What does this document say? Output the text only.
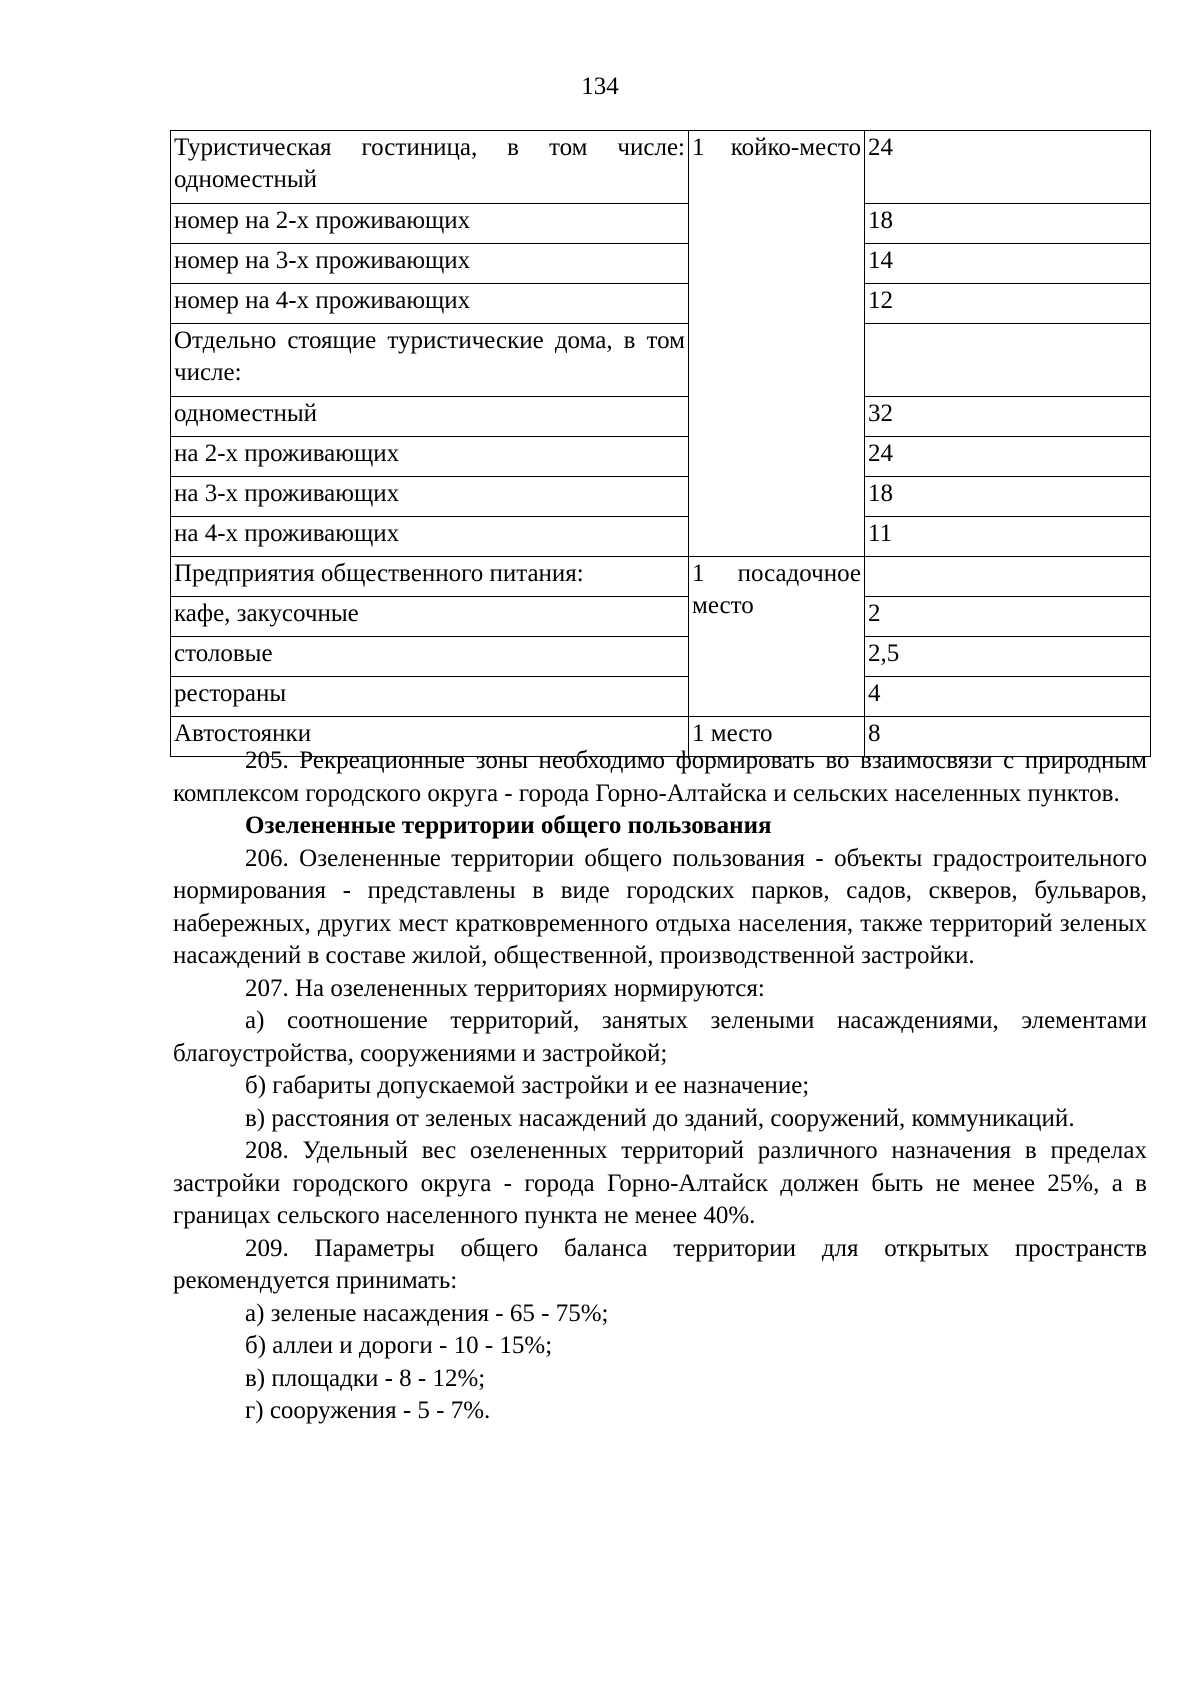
134
Туристическая гостиница, в том числе: одноместный	1 койко-место	24
номер на 2-х проживающих		18
номер на 3-х проживающих		14
номер на 4-х проживающих		12
Отдельно стоящие туристические дома, в том числе:		
одноместный		32
на 2-х проживающих		24
на 3-х проживающих		18
на 4-х проживающих		11
Предприятия общественного питания:	1 посадочное место	
кафе, закусочные		2
столовые		2,5
рестораны		4
Автостоянки	1 место	8

205. Рекреационные зоны необходимо формировать во взаимосвязи с природным комплексом городского округа - города Горно-Алтайска и сельских населенных пунктов.

Озелененные территории общего пользования

206. Озелененные территории общего пользования - объекты градостроительного нормирования - представлены в виде городских парков, садов, скверов, бульваров, набережных, других мест кратковременного отдыха населения, также территорий зеленых насаждений в составе жилой, общественной, производственной застройки.

207. На озелененных территориях нормируются:

а) соотношение территорий, занятых зелеными насаждениями, элементами благоустройства, сооружениями и застройкой;

б) габариты допускаемой застройки и ее назначение;

в) расстояния от зеленых насаждений до зданий, сооружений, коммуникаций.

208. Удельный вес озелененных территорий различного назначения в пределах застройки городского округа - города Горно-Алтайск должен быть не менее 25%, а в границах сельского населенного пункта не менее 40%.

209. Параметры общего баланса территории для открытых пространств рекомендуется принимать:

а) зеленые насаждения - 65 - 75%;

б) аллеи и дороги - 10 - 15%;

в) площадки - 8 - 12%;

г) сооружения - 5 - 7%.
